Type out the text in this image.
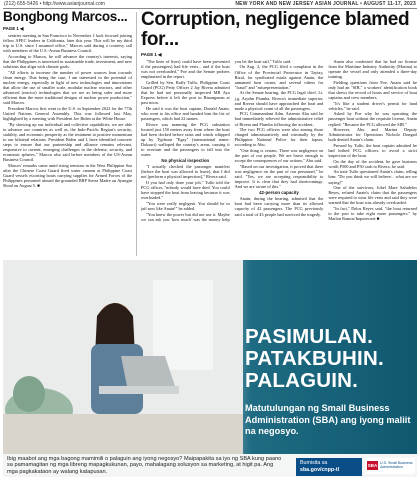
(212) 655-5426 • http://www.asianjournal.com	NEW YORK AND NEW JERSEY ASIAN JOURNAL • AUGUST 11-17, 2023
Bongbong Marcos...
PAGE 1 ◀

sentries meeting in San Francisco in November. I look forward joining fellow APEC leaders in California, later this year. This will be my third trip to U.S. since I assumed office," Marcos said during a courtesy call with members of the U.S.-Asean Business Council.

According to Marcos, he will advance the country's interests, saying that the Philippines is interested in sustainable trade, investment, and new solutions that align with climate goals.

"All efforts to increase the number of power sources lean towards clean energy. That being the case, I am interested in the potential of nuclear energy, especially in light of new technologies and innovations that allow the use of smaller scale, modular nuclear reactors, and other advanced (reactor) technologies that we see as being safer and more efficient than the more traditional designs of nuclear power production," said Marcos.

President Marcos first went to the U.S. in September 2022 for the 77th United Nations General Assembly. This was followed last May, highlighted by a meeting with President Joe Biden at the White House.

"By showing up our individual and collective capabilities, we are able to advance our countries as well as, the Indo-Pacific Region's security, stability, and economic prosperity as the testament to positive momentum to our bilateral relations. President Biden and I, have identified concrete steps to ensure that our partnership and alliance remains relevant, responsive to current, emerging challenges in the defense, security, and economic spheres," Marcos also said before members of the US-Asean Business Council.

Marcos' remarks came amid rising tensions in the West Philippine Sea after the Chinese Coast Guard fired water cannon at Philippine Coast Guard vessels escorting boats carrying supplies for Armed Forces of the Philippines personnel aboard the grounded BRP Sierra Madre on Ayungin Shoal on August 5. ■

Corruption, negligence blamed for...
PAGE 1 ◀

"The lines of lives) could have been prevented if the passengers) had life vests... and if the boat was not overloaded," Poe and the Senate probers emphasized in the report.

Grilled by Sen. Raffy Tulfo, Philippine Coast Guard (PCG) Petty Officer 2 Jay Rivera admitted that he had not personally inspected MB Aya Express before it left the port in Binangonan at past noon.

He said it was the boat captain, Donald Anain, who went to his office and handed him the list of passengers, which had 22 names.

Rivera was manning the PCG substation located just 150 meters away from where the boat had been docked before rains and winds whipped up by Typhoon "Egay" (international name: Doksuri) walloped the country's areas, causing it to overturn and the passengers to fall into the water.

No physical inspection

"I actually checked the passenger manifest (before the boat was allowed to leave), that I did not [perform a physical inspection]," Rivera said.

If you had only done your job," Tulfo told the PCG officer, "nobody would have died. You could have stopped the boat from leaving because it was overloaded."

"You were really negligent. You should be in jail now like Anain!" he added.

"You knew the power but did not use it. Maybe we can ask you 'how much' was the money help you let the boat sail," Tulfo said.

On Aug. 2, the PCG filed a complaint in the Office of the Provincial Prosecutor in Taytay, Rizal, for syndicated estafa against Anain, the unnamed boat owner, and several others for "fraud" and "misrepresentation."

At the Senate hearing, the PCG legal chief, Lt. j.g. Arjohn Flumba, Rivera's immediate superior, and Rivera should have approached the boat and made a physical count of all the passengers.

PCG Commandant Adm. Artemio Abu said he had immediately relieved the administrative relief of Rivera and Flumba following the accident.

The two PCG officers were also among those charged administratively and criminally by the Philippine National Police for their lapses, according to Abu.

"One thing is certain. There was negligence on the part of our people. We are brave enough to accept the consequences of our actions," Abu said.

"Based on our investigation, it proved that there was negligence on the part of our personnel," he said. "Yes, we are accepting responsibility to improve. It is clear that they had shortcomings. And we are aware of this."

42-person capacity

Anain, during the hearing, admitted that the boat had been carrying more than its allowed capacity of 42 passengers. The PCG previously said a total of 43 people had survived the tragedy.

Anain also confessed that he had no license from the Maritime Industry Authority (Marina) to operate the vessel and only attended a three-day training.

Fielding questions from Poe, Anain said he only had an "SIB," a workers' identification book that shows the record of hours and service of boat captains and crew members.

"It's like a student driver's permit for land vehicles," he said.

Asked by Poe why he was operating the passenger boat without the requisite license, Anain replied: "Because the PCG allowed the SIB."

However, Abu and Marina Deputy Administrator for Operations Nicholo Dongail both denied Anain's claim.

Pressed by Tulfo, the boat captain admitted he had bribed PCG officers to avoid a strict inspection of the boat.

On the day of the accident, he gave business worth P500 and P50 cash to Rivera, he said.

An irate Tulfo questioned Anain's claim, telling him: "Do you think we will believe... what are we saying!"

One of the survivors, Jobel Mare Saludelos Reyes, refuted Anain's claim that the passengers were required to wear life vests and said they were warned that the boat was already overloaded.

"In fact," Delos Reyes said, "the boat returned to the port to take eight more passengers." by Marlon Ramos/Inquirer.net ■

PASIMULAN.
PATAKBUHIN.
PALAGUIN.
Matutulungan ng Small Business Administration (SBA) ang iyong maliit na negosyo.
Ibig maabot ang mga bagong mamimili o palaguin ang iyong negosyo? Maipapakita sa iyo ng SBA kung paano sa pamamagitan ng mga libreng mapagkukunan, payo, mahalagang solusyon sa marketing, at higit pa. Ang mga pagkakataon ay walang katapusan.
Bumisita sa
sba.gov/cnpp-tl
SBA U.S. Small Business Administration
